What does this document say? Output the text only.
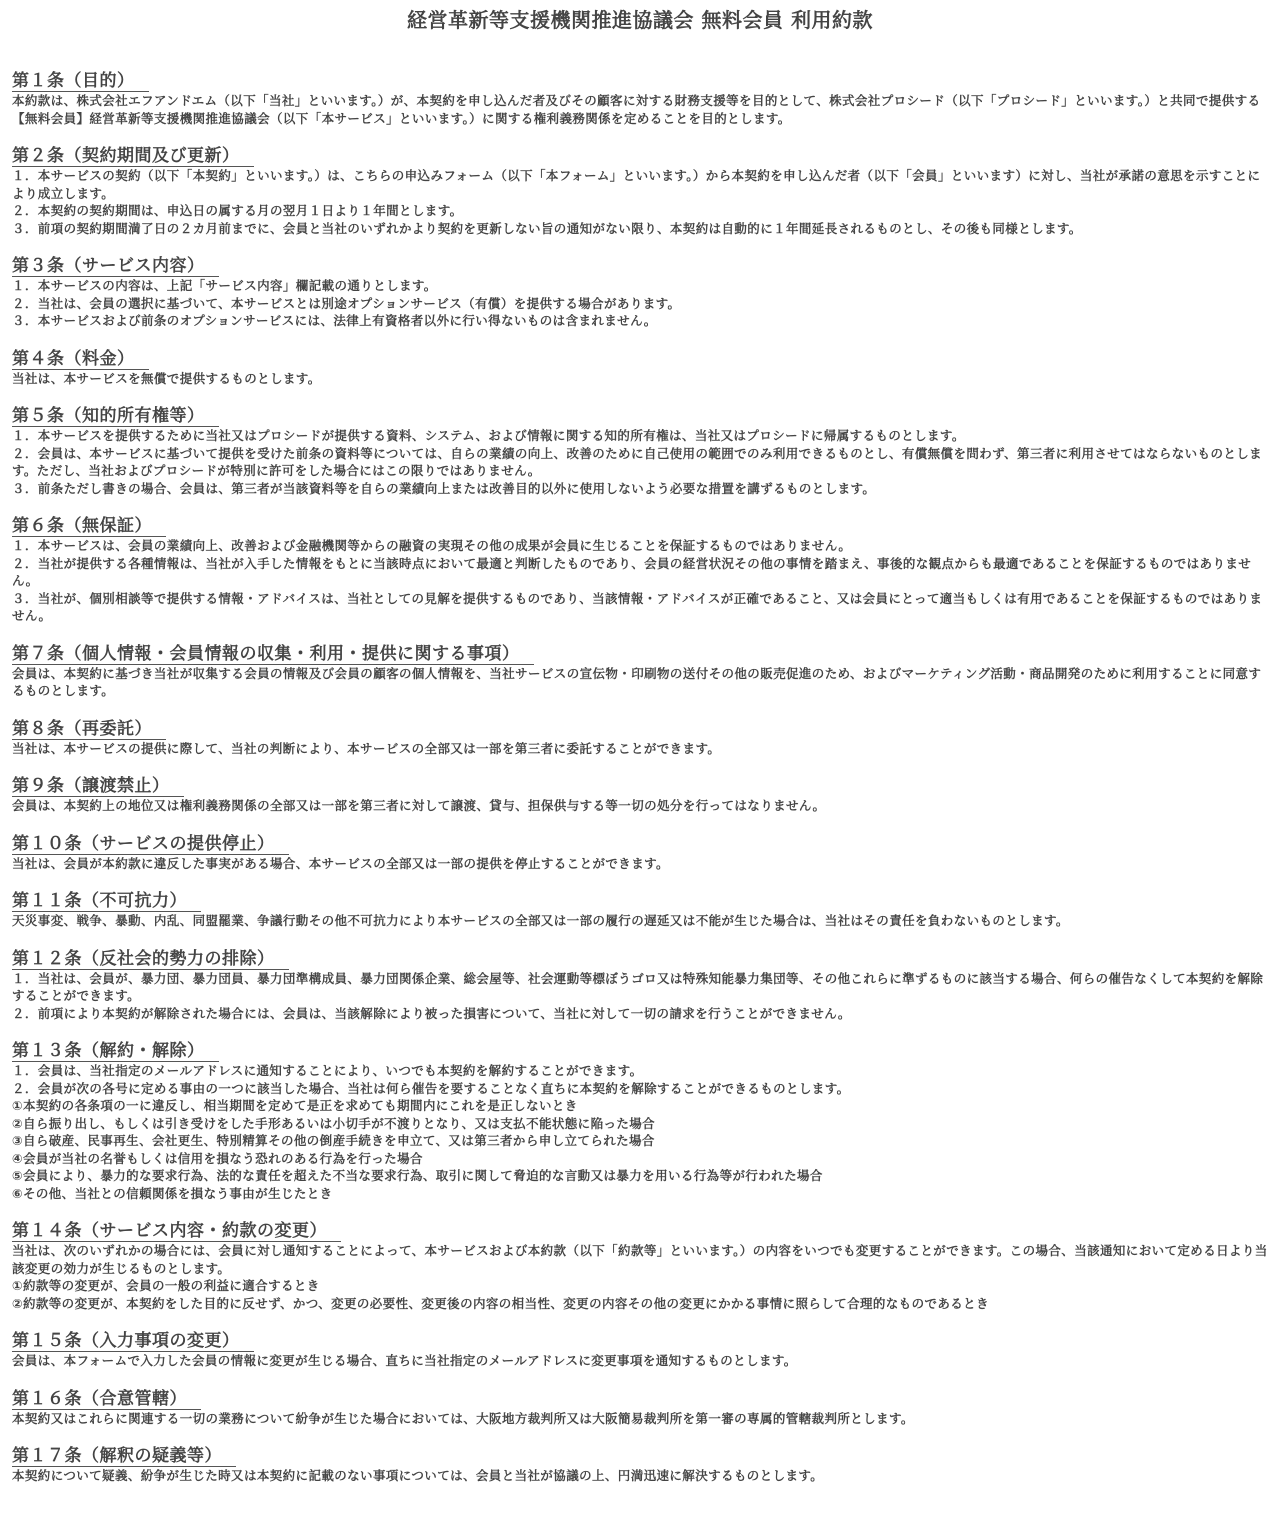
経営革新等支援機関推進協議会 無料会員 利用約款
第１条（目的）
本約款は、株式会社エフアンドエム（以下「当社」といいます。）が、本契約を申し込んだ者及びその顧客に対する財務支援等を目的として、株式会社プロシード（以下「プロシード」といいます。）と共同で提供する【無料会員】経営革新等支援機関推進協議会（以下「本サービス」といいます。）に関する権利義務関係を定めることを目的とします。
第２条（契約期間及び更新）
１．本サービスの契約（以下「本契約」といいます。）は、こちらの申込みフォーム（以下「本フォーム」といいます。）から本契約を申し込んだ者（以下「会員」といいます）に対し、当社が承諾の意思を示すことにより成立します。
２．本契約の契約期間は、申込日の属する月の翌月１日より１年間とします。
３．前項の契約期間満了日の２カ月前までに、会員と当社のいずれかより契約を更新しない旨の通知がない限り、本契約は自動的に１年間延長されるものとし、その後も同様とします。
第３条（サービス内容）
１．本サービスの内容は、上記「サービス内容」欄記載の通りとします。
２．当社は、会員の選択に基づいて、本サービスとは別途オプションサービス（有償）を提供する場合があります。
３．本サービスおよび前条のオプションサービスには、法律上有資格者以外に行い得ないものは含まれません。
第４条（料金）
当社は、本サービスを無償で提供するものとします。
第５条（知的所有権等）
１．本サービスを提供するために当社又はプロシードが提供する資料、システム、および情報に関する知的所有権は、当社又はプロシードに帰属するものとします。
２．会員は、本サービスに基づいて提供を受けた前条の資料等については、自らの業績の向上、改善のために自己使用の範囲でのみ利用できるものとし、有償無償を問わず、第三者に利用させてはならないものとします。ただし、当社およびプロシードが特別に許可をした場合にはこの限りではありません。
３．前条ただし書きの場合、会員は、第三者が当該資料等を自らの業績向上または改善目的以外に使用しないよう必要な措置を講ずるものとします。
第６条（無保証）
１．本サービスは、会員の業績向上、改善および金融機関等からの融資の実現その他の成果が会員に生じることを保証するものではありません。
２．当社が提供する各種情報は、当社が入手した情報をもとに当該時点において最適と判断したものであり、会員の経営状況その他の事情を踏まえ、事後的な観点からも最適であることを保証するものではありません。
３．当社が、個別相談等で提供する情報・アドバイスは、当社としての見解を提供するものであり、当該情報・アドバイスが正確であること、又は会員にとって適当もしくは有用であることを保証するものではありません。
第７条（個人情報・会員情報の収集・利用・提供に関する事項）
会員は、本契約に基づき当社が収集する会員の情報及び会員の顧客の個人情報を、当社サービスの宣伝物・印刷物の送付その他の販売促進のため、およびマーケティング活動・商品開発のために利用することに同意するものとします。
第８条（再委託）
当社は、本サービスの提供に際して、当社の判断により、本サービスの全部又は一部を第三者に委託することができます。
第９条（譲渡禁止）
会員は、本契約上の地位又は権利義務関係の全部又は一部を第三者に対して譲渡、貸与、担保供与する等一切の処分を行ってはなりません。
第１０条（サービスの提供停止）
当社は、会員が本約款に違反した事実がある場合、本サービスの全部又は一部の提供を停止することができます。
第１１条（不可抗力）
天災事変、戦争、暴動、内乱、同盟罷業、争議行動その他不可抗力により本サービスの全部又は一部の履行の遅延又は不能が生じた場合は、当社はその責任を負わないものとします。
第１２条（反社会的勢力の排除）
１．当社は、会員が、暴力団、暴力団員、暴力団準構成員、暴力団関係企業、総会屋等、社会運動等標ぼうゴロ又は特殊知能暴力集団等、その他これらに準ずるものに該当する場合、何らの催告なくして本契約を解除することができます。
２．前項により本契約が解除された場合には、会員は、当該解除により被った損害について、当社に対して一切の請求を行うことができません。
第１３条（解約・解除）
１．会員は、当社指定のメールアドレスに通知することにより、いつでも本契約を解約することができます。
２．会員が次の各号に定める事由の一つに該当した場合、当社は何ら催告を要することなく直ちに本契約を解除することができるものとします。
①本契約の各条項の一に違反し、相当期間を定めて是正を求めても期間内にこれを是正しないとき
②自ら振り出し、もしくは引き受けをした手形あるいは小切手が不渡りとなり、又は支払不能状態に陥った場合
③自ら破産、民事再生、会社更生、特別精算その他の倒産手続きを申立て、又は第三者から申し立てられた場合
④会員が当社の名誉もしくは信用を損なう恐れのある行為を行った場合
⑤会員により、暴力的な要求行為、法的な責任を超えた不当な要求行為、取引に関して脅迫的な言動又は暴力を用いる行為等が行われた場合
⑥その他、当社との信頼関係を損なう事由が生じたとき
第１４条（サービス内容・約款の変更）
当社は、次のいずれかの場合には、会員に対し通知することによって、本サービスおよび本約款（以下「約款等」といいます。）の内容をいつでも変更することができます。この場合、当該通知において定める日より当該変更の効力が生じるものとします。
①約款等の変更が、会員の一般の利益に適合するとき
②約款等の変更が、本契約をした目的に反せず、かつ、変更の必要性、変更後の内容の相当性、変更の内容その他の変更にかかる事情に照らして合理的なものであるとき
第１５条（入力事項の変更）
会員は、本フォームで入力した会員の情報に変更が生じる場合、直ちに当社指定のメールアドレスに変更事項を通知するものとします。
第１６条（合意管轄）
本契約又はこれらに関連する一切の業務について紛争が生じた場合においては、大阪地方裁判所又は大阪簡易裁判所を第一審の専属的管轄裁判所とします。
第１７条（解釈の疑義等）
本契約について疑義、紛争が生じた時又は本契約に記載のない事項については、会員と当社が協議の上、円満迅速に解決するものとします。
